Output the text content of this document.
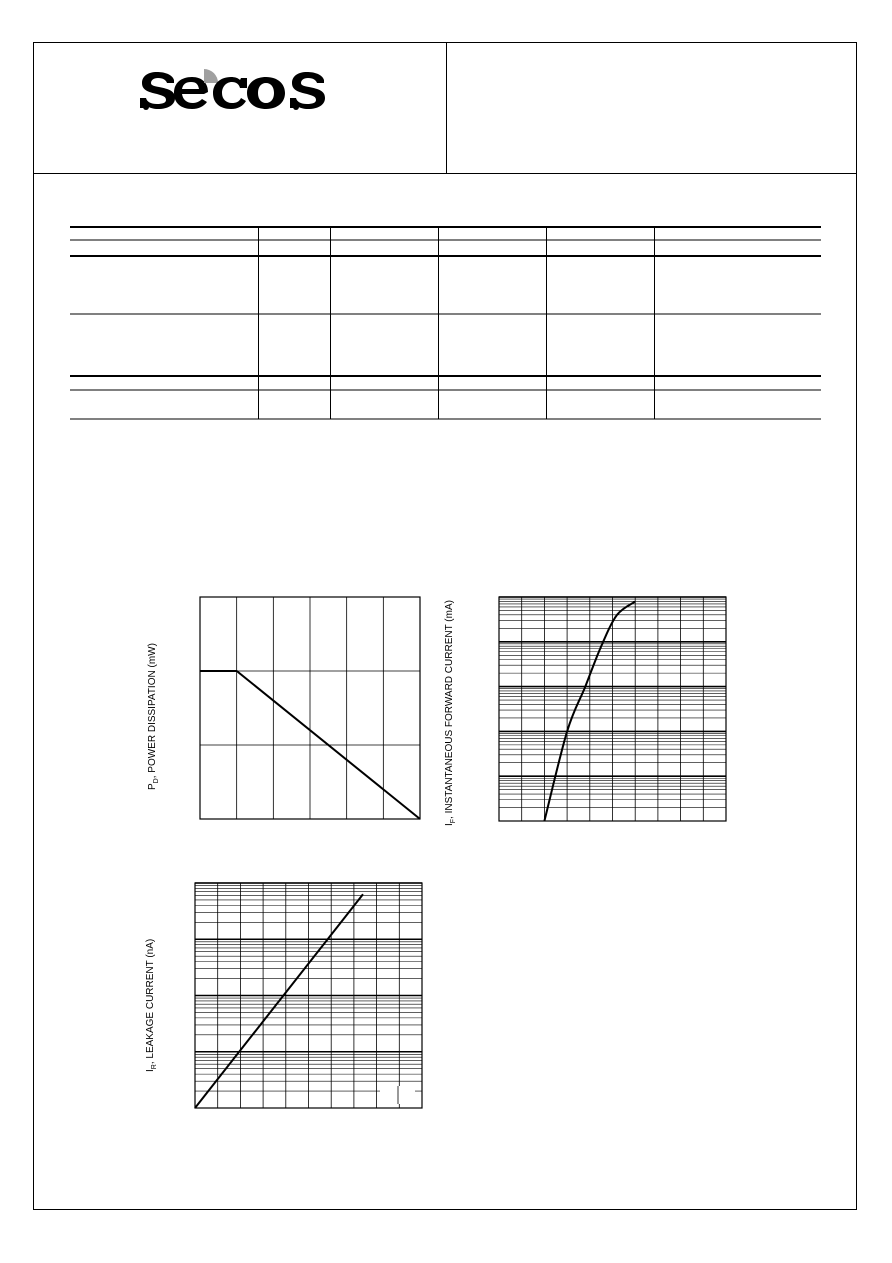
$P_D$, POWER DISSIPATION (mW)
$I_F$, INSTANTANEOUS FORWARD CURRENT (mA)
$I_R$, LEAKAGE CURRENT (nA)
